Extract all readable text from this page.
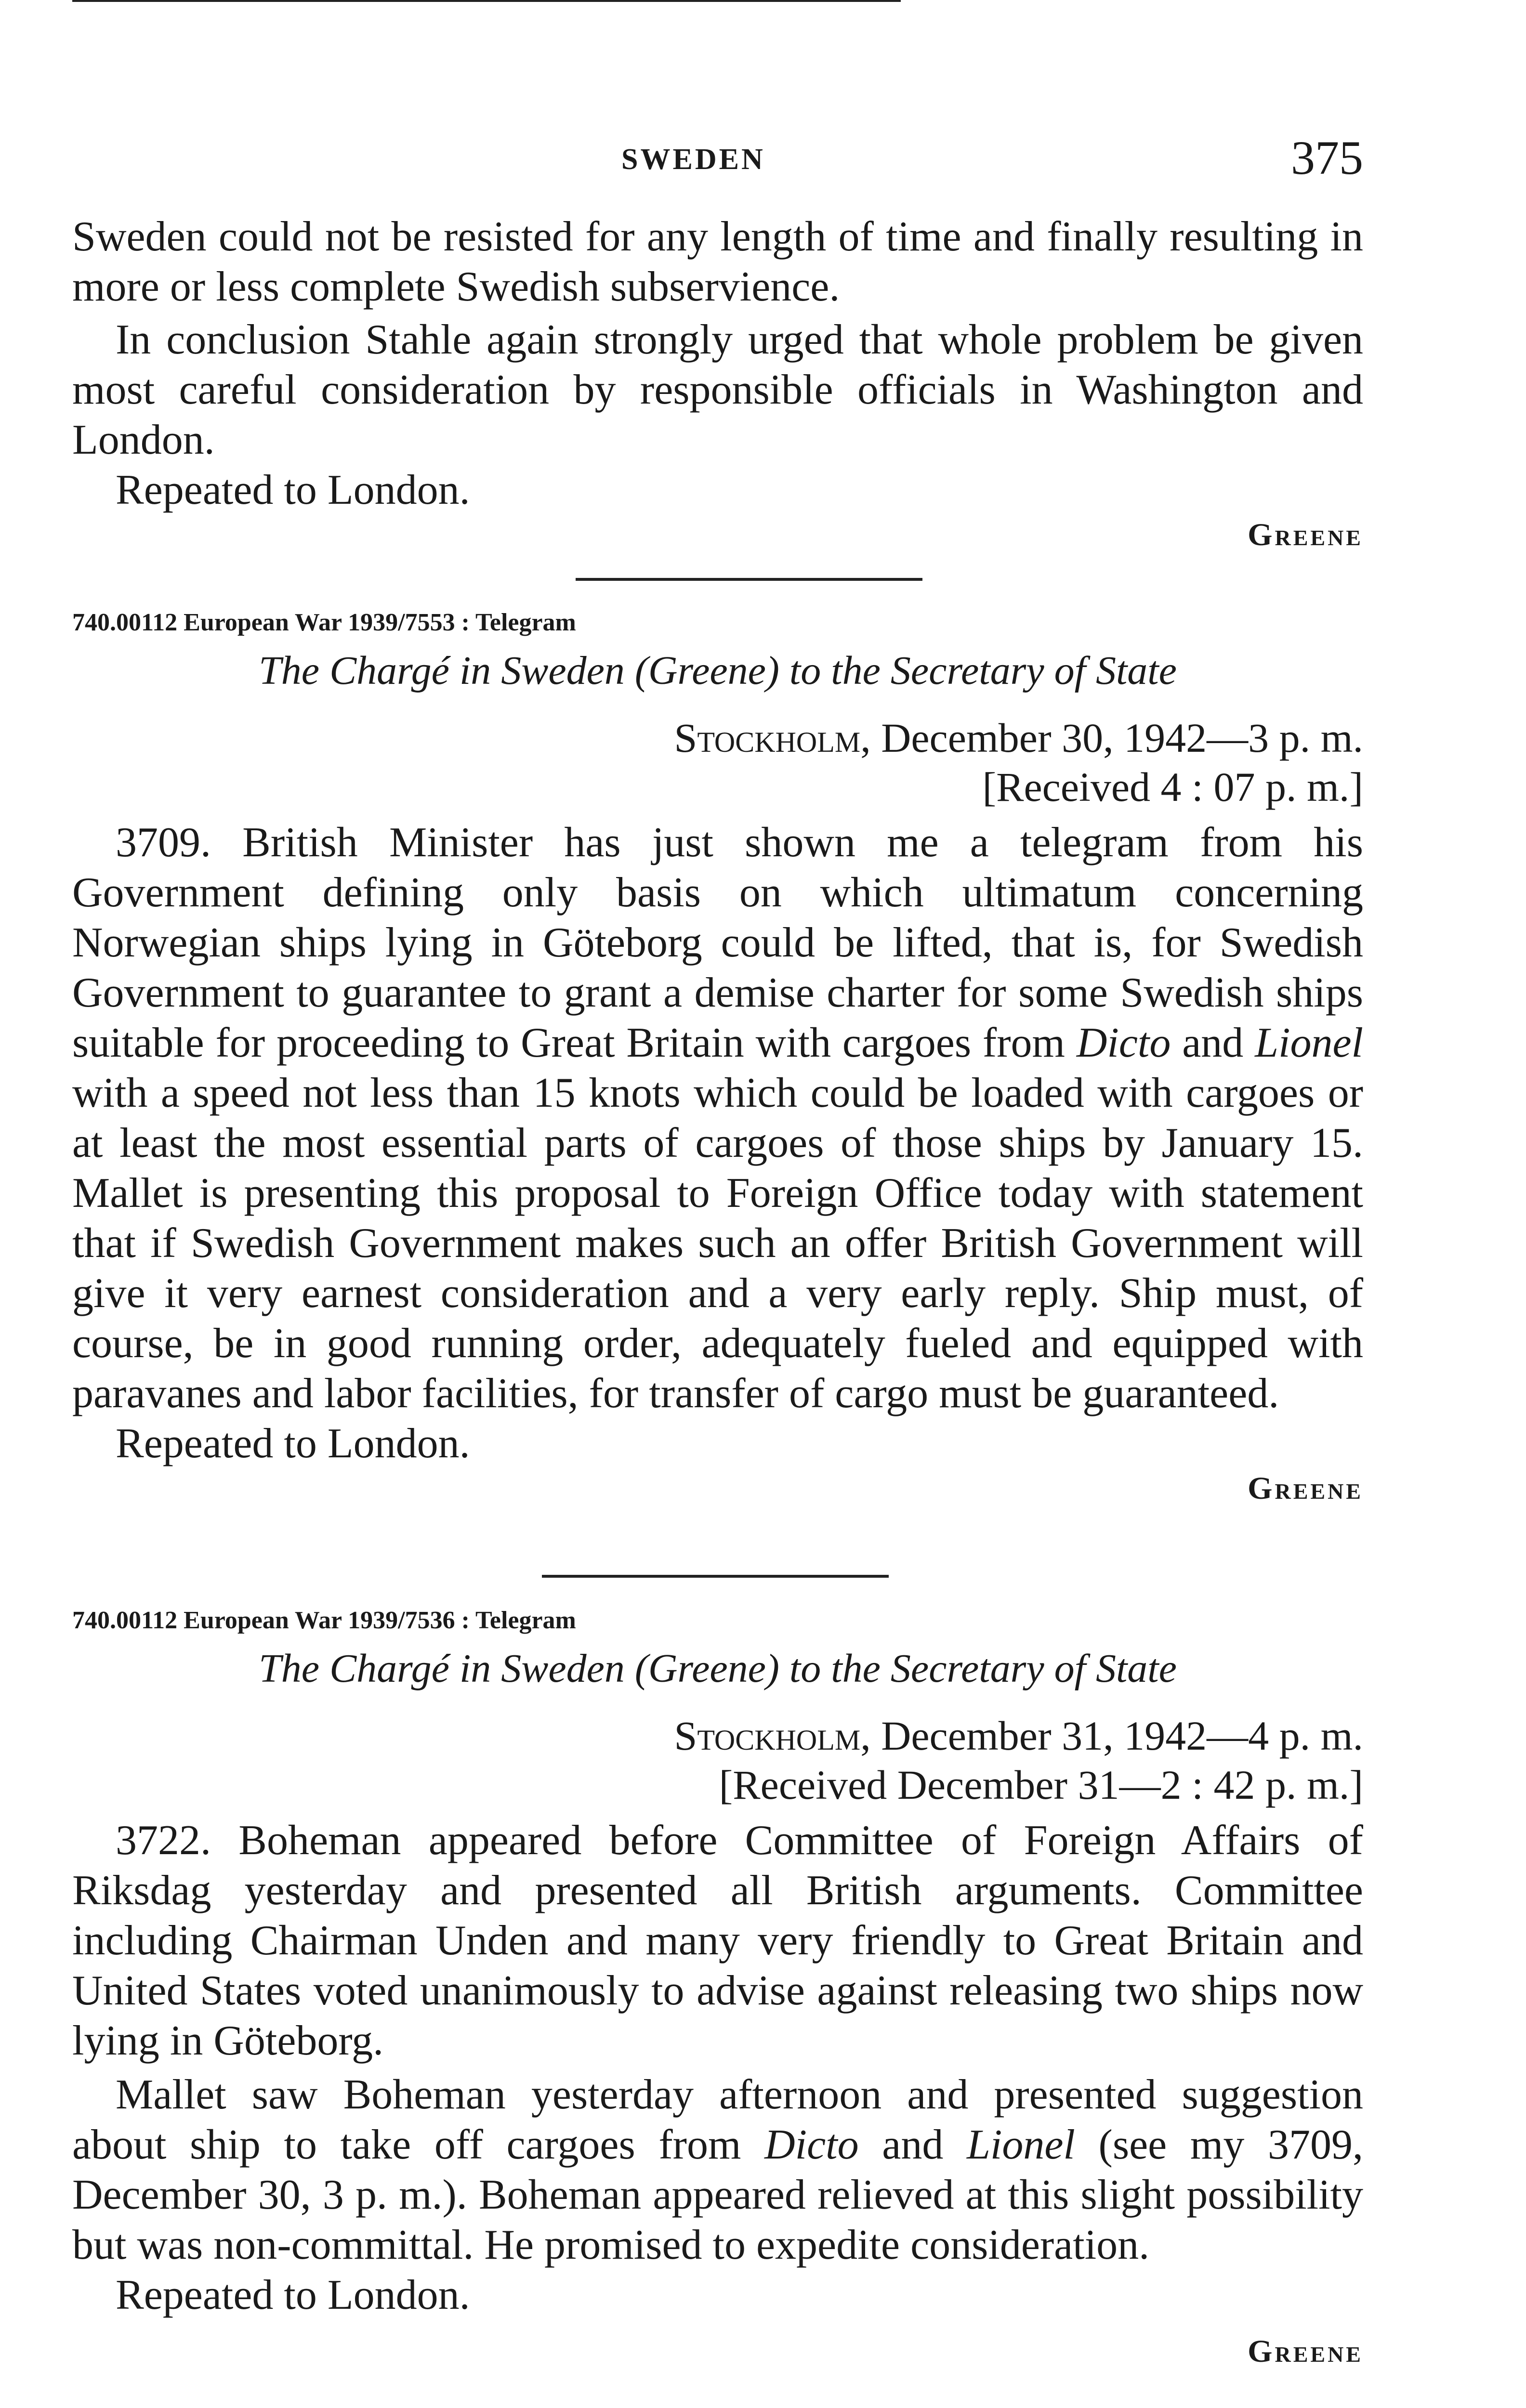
SWEDEN	375

Sweden could not be resisted for any length of time and finally resulting in more or less complete Swedish subservience.

In conclusion Stahle again strongly urged that whole problem be given most careful consideration by responsible officials in Washington and London.

Repeated to London.

Greene

740.00112 European War 1939/7553 : Telegram

The Chargé in Sweden (Greene) to the Secretary of State

Stockholm, December 30, 1942—3 p. m.

[Received 4 : 07 p. m.]

3709. British Minister has just shown me a telegram from his Government defining only basis on which ultimatum concerning Norwegian ships lying in Göteborg could be lifted, that is, for Swedish Government to guarantee to grant a demise charter for some Swedish ships suitable for proceeding to Great Britain with cargoes from Dicto and Lionel with a speed not less than 15 knots which could be loaded with cargoes or at least the most essential parts of cargoes of those ships by January 15. Mallet is presenting this proposal to Foreign Office today with statement that if Swedish Government makes such an offer British Government will give it very earnest consideration and a very early reply. Ship must, of course, be in good running order, adequately fueled and equipped with paravanes and labor facilities, for transfer of cargo must be guaranteed.

Repeated to London.

Greene

740.00112 European War 1939/7536 : Telegram

The Chargé in Sweden (Greene) to the Secretary of State

Stockholm, December 31, 1942—4 p. m.

[Received December 31—2 : 42 p. m.]

3722. Boheman appeared before Committee of Foreign Affairs of Riksdag yesterday and presented all British arguments. Committee including Chairman Unden and many very friendly to Great Britain and United States voted unanimously to advise against releasing two ships now lying in Göteborg.

Mallet saw Boheman yesterday afternoon and presented suggestion about ship to take off cargoes from Dicto and Lionel (see my 3709, December 30, 3 p. m.). Boheman appeared relieved at this slight possibility but was non-committal. He promised to expedite consideration.

Repeated to London.

Greene
